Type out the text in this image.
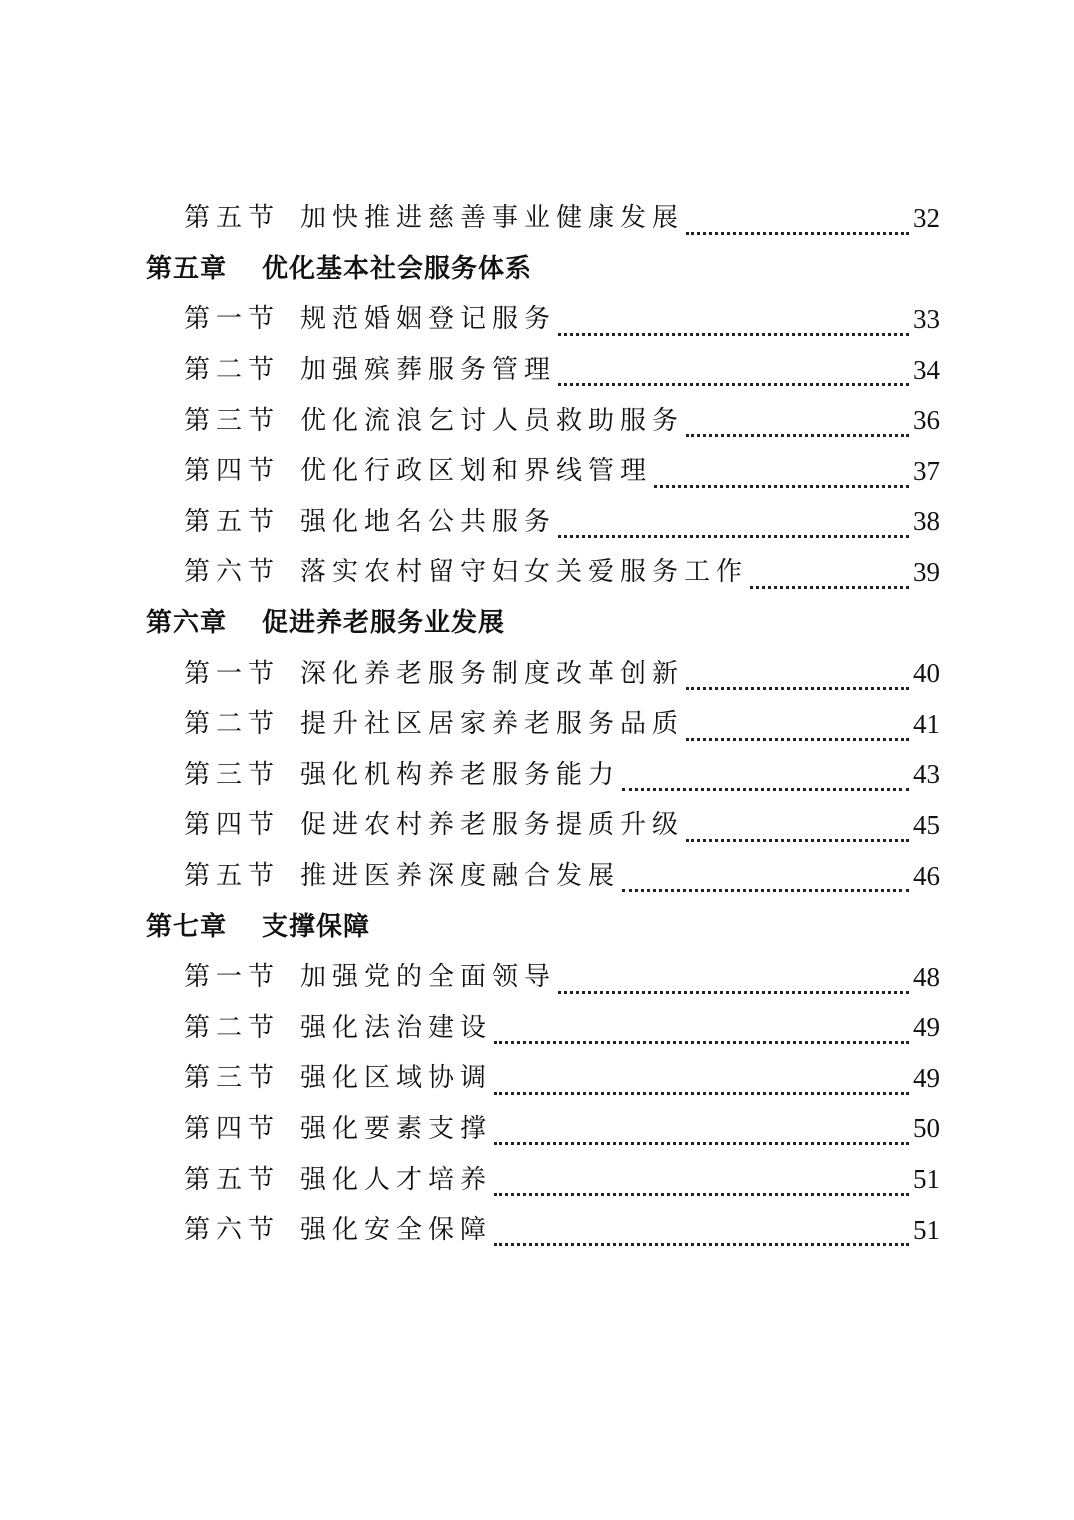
第五节 加快推进慈善事业健康发展	32
第五章	优化基本社会服务体系
第一节 规范婚姻登记服务	33
第二节 加强殡葬服务管理	34
第三节 优化流浪乞讨人员救助服务	36
第四节 优化行政区划和界线管理	37
第五节 强化地名公共服务	38
第六节 落实农村留守妇女关爱服务工作	39
第六章	促进养老服务业发展
第一节 深化养老服务制度改革创新	40
第二节 提升社区居家养老服务品质	41
第三节 强化机构养老服务能力	43
第四节 促进农村养老服务提质升级	45
第五节 推进医养深度融合发展	46
第七章	支撑保障
第一节 加强党的全面领导	48
第二节 强化法治建设	49
第三节 强化区域协调	49
第四节 强化要素支撑	50
第五节 强化人才培养	51
第六节 强化安全保障	51
